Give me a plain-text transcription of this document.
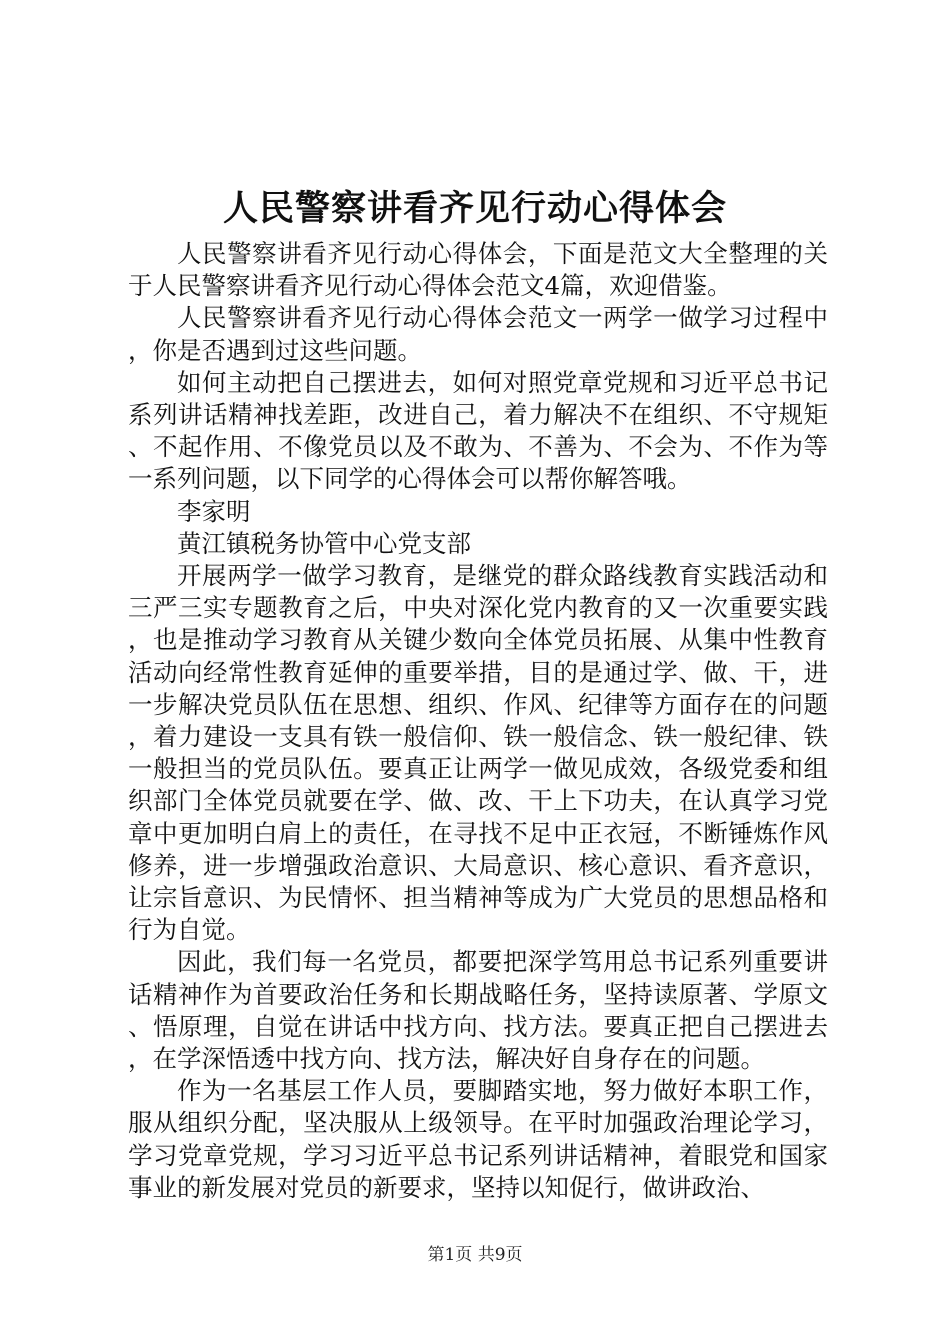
人民警察讲看齐见行动心得体会

人民警察讲看齐见行动心得体会，下面是范文大全整理的关于人民警察讲看齐见行动心得体会范文4篇，欢迎借鉴。

人民警察讲看齐见行动心得体会范文一两学一做学习过程中，你是否遇到过这些问题。

如何主动把自己摆进去，如何对照党章党规和习近平总书记系列讲话精神找差距，改进自己，着力解决不在组织、不守规矩、不起作用、不像党员以及不敢为、不善为、不会为、不作为等一系列问题，以下同学的心得体会可以帮你解答哦。

李家明

黄江镇税务协管中心党支部

开展两学一做学习教育，是继党的群众路线教育实践活动和三严三实专题教育之后，中央对深化党内教育的又一次重要实践，也是推动学习教育从关键少数向全体党员拓展、从集中性教育活动向经常性教育延伸的重要举措，目的是通过学、做、干，进一步解决党员队伍在思想、组织、作风、纪律等方面存在的问题，着力建设一支具有铁一般信仰、铁一般信念、铁一般纪律、铁一般担当的党员队伍。要真正让两学一做见成效，各级党委和组织部门全体党员就要在学、做、改、干上下功夫，在认真学习党章中更加明白肩上的责任，在寻找不足中正衣冠，不断锤炼作风修养，进一步增强政治意识、大局意识、核心意识、看齐意识，让宗旨意识、为民情怀、担当精神等成为广大党员的思想品格和行为自觉。

因此，我们每一名党员，都要把深学笃用总书记系列重要讲话精神作为首要政治任务和长期战略任务，坚持读原著、学原文、悟原理，自觉在讲话中找方向、找方法。要真正把自己摆进去，在学深悟透中找方向、找方法，解决好自身存在的问题。

作为一名基层工作人员，要脚踏实地，努力做好本职工作，服从组织分配，坚决服从上级领导。在平时加强政治理论学习，学习党章党规，学习习近平总书记系列讲话精神，着眼党和国家事业的新发展对党员的新要求，坚持以知促行，做讲政治、

第1页 共9页
